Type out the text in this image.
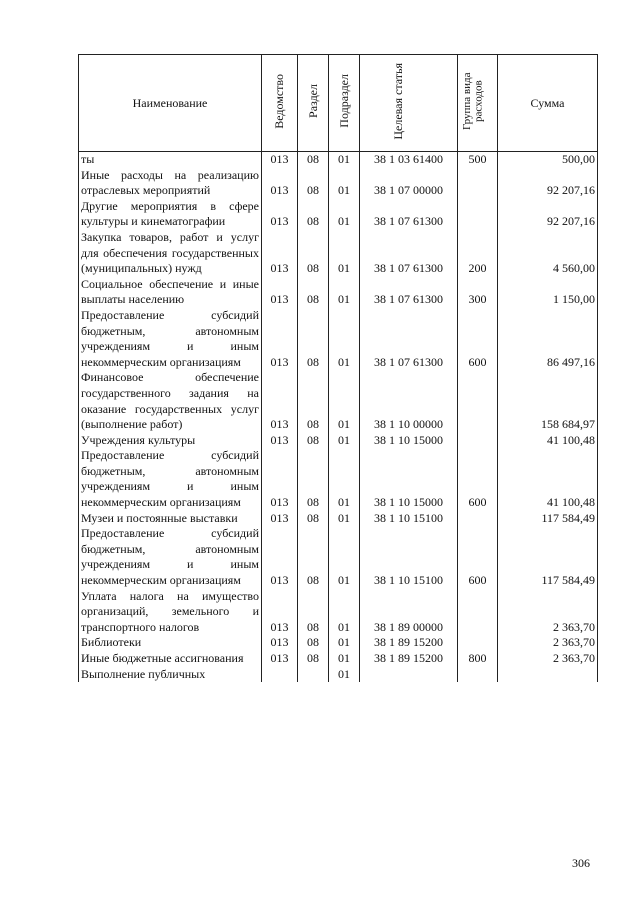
Наименование	Ведомство	Раздел	Подраздел	Целевая статья	Группа вида расходов	Сумма
ты	013	08	01	38 1 03 61400	500	500,00
Иные расходы на реализацию отраслевых мероприятий	013	08	01	38 1 07 00000		92 207,16
Другие мероприятия в сфере культуры и кинематографии	013	08	01	38 1 07 61300		92 207,16
Закупка товаров, работ и услуг для обеспечения государственных (муниципальных) нужд	013	08	01	38 1 07 61300	200	4 560,00
Социальное обеспечение и иные выплаты населению	013	08	01	38 1 07 61300	300	1 150,00
Предоставление субсидий бюджетным, автономным учреждениям и иным некоммерческим организациям	013	08	01	38 1 07 61300	600	86 497,16
Финансовое обеспечение государственного задания на оказание государственных услуг (выполнение работ)	013	08	01	38 1 10 00000		158 684,97
Учреждения культуры	013	08	01	38 1 10 15000		41 100,48
Предоставление субсидий бюджетным, автономным учреждениям и иным некоммерческим организациям	013	08	01	38 1 10 15000	600	41 100,48
Музеи и постоянные выставки	013	08	01	38 1 10 15100		117 584,49
Предоставление субсидий бюджетным, автономным учреждениям и иным некоммерческим организациям	013	08	01	38 1 10 15100	600	117 584,49
Уплата налога на имущество организаций, земельного и транспортного налогов	013	08	01	38 1 89 00000		2 363,70
Библиотеки	013	08	01	38 1 89 15200		2 363,70
Иные бюджетные ассигнования	013	08	01	38 1 89 15200	800	2 363,70
Выполнение публичных			01			
306
